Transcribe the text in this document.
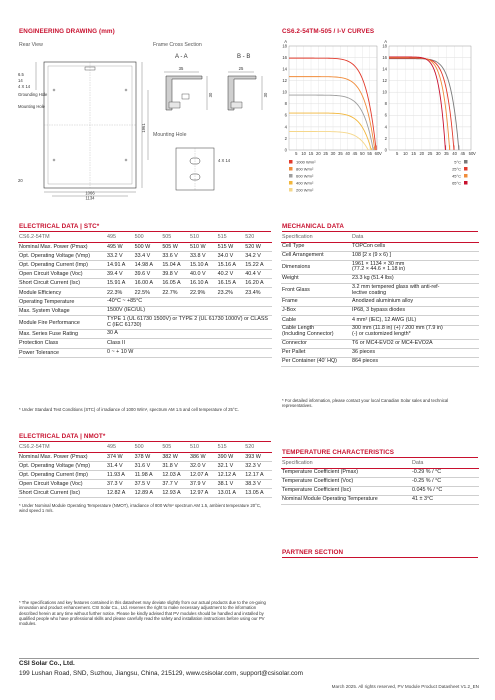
ENGINEERING DRAWING (mm)
Rear View	Frame Cross Section
A - A	B - B
Mounting Hole
1134
1066
1961
6.5
14
4 X 14
Grounding Hole
Mounting Hole
20
35
30
25
30
4 X 14
CS6.2-54TM-505 / I-V CURVES
0
2
4
6
8
10
12
14
16
18
5 10 15 20 25 30 35 40 45 50 55 60
A
V
0
2
4
6
8
10
12
14
16
18
5 10 15 20 25 30 35 40 45 50
A
V
1000 W/m²
800 W/m²
600 W/m²
400 W/m²
200 W/m²
5°C
25°C
45°C
65°C
ELECTRICAL DATA | STC*
CS6.2-54TM	495	500	505	510	515	520
Nominal Max. Power (Pmax)	495 W	500 W	505 W	510 W	515 W	520 W
Opt. Operating Voltage (Vmp)	33.2 V	33.4 V	33.6 V	33.8 V	34.0 V	34.2 V
Opt. Operating Current (Imp)	14.91 A	14.98 A	15.04 A	15.10 A	15.16 A	15.22 A
Open Circuit Voltage (Voc)	39.4 V	39.6 V	39.8 V	40.0 V	40.2 V	40.4 V
Short Circuit Current (Isc)	15.91 A	16.00 A	16.05 A	16.10 A	16.15 A	16.20 A
Module Efficiency	22.3%	22.5%	22.7%	22.9%	23.2%	23.4%
Operating Temperature	-40°C ~ +85°C					
Max. System Voltage	1500V (IEC/UL)					
Module Fire Performance	TYPE 1 (UL 61730 1500V) or TYPE 2 (UL 61730 1000V) or CLASS C (IEC 61730)					
Max. Series Fuse Rating	30 A					
Protection Class	Class II					
Power Tolerance	0 ~ + 10 W					
* Under Standard Test Conditions (STC) of irradiance of 1000 W/m², spectrum AM 1.5 and cell temperature of 25°C.
ELECTRICAL DATA | NMOT*
CS6.2-54TM	495	500	505	510	515	520
Nominal Max. Power (Pmax)	374 W	378 W	382 W	386 W	390 W	393 W
Opt. Operating Voltage (Vmp)	31.4 V	31.6 V	31.8 V	32.0 V	32.1 V	32.3 V
Opt. Operating Current (Imp)	11.93 A	11.98 A	12.03 A	12.07 A	12.12 A	12.17 A
Open Circuit Voltage (Voc)	37.3 V	37.5 V	37.7 V	37.9 V	38.1 V	38.3 V
Short Circuit Current (Isc)	12.82 A	12.89 A	12.93 A	12.97 A	13.01 A	13.05 A
* Under Nominal Module Operating Temperature (NMOT), irradiance of 800 W/m² spectrum AM 1.5, ambient temperature 20°C, wind speed 1 m/s.
MECHANICAL DATA
Specification	Data
Cell Type	TOPCon cells
Cell Arrangement	108 [2 x (9 x 6) ]
Dimensions	1961 × 1134 × 30 mm
(77.2 × 44.6 × 1.18 in)
Weight	23.3 kg (51.4 lbs)
Front Glass	3.2 mm tempered glass with anti-ref-
lective coating
Frame	Anodized aluminium alloy
J-Box	IP68, 3 bypass diodes
Cable	4 mm² (IEC), 12 AWG (UL)
Cable Length
(Including Connector)	300 mm (11.8 in) (+) / 200 mm (7.9 in)
(-) or customized length*
Connector	T6 or MC4-EVO2 or MC4-EVO2A
Per Pallet	36 pieces
Per Container (40' HQ)	864 pieces
* For detailed information, please contact your local Canadian Solar sales and technical representatives.
TEMPERATURE CHARACTERISTICS
Specification	Data
Temperature Coefficient (Pmax)	-0.29 % / °C
Temperature Coefficient (Voc)	-0.25 % / °C
Temperature Coefficient (Isc)	0.045 % / °C
Nominal Module Operating Temperature	41 ± 3°C
PARTNER SECTION
* The specifications and key features contained in this datasheet may deviate slightly from our actual products due to the on-going innovation and product enhancement. CSI Solar Co., Ltd. reserves the right to make necessary adjustment to the information described herein at any time without further notice. Please be kindly advised that PV modules should be handled and installed by qualified people who have professional skills and please carefully read the safety and installation instructions before using our PV modules.
CSI Solar Co., Ltd.
199 Lushan Road, SND, Suzhou, Jiangsu, China, 215129, www.csisolar.com, support@csisolar.com
March 2025. All rights reserved, PV Module Product Datasheet V1.2_EN
